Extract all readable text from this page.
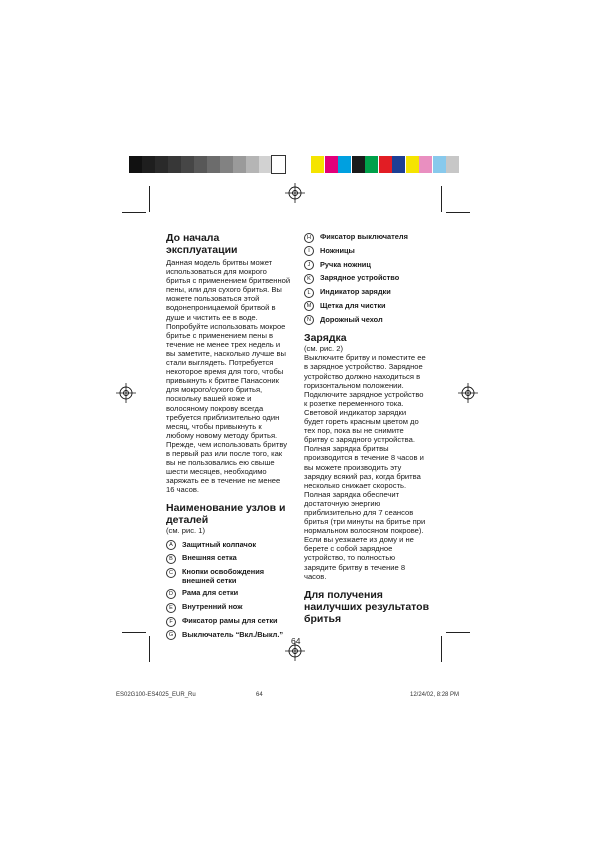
До начала эксплуатации
Данная модель бритвы может
использоваться для мокрого
бритья с применением бритвенной
пены, или для сухого бритья. Вы
можете пользоваться этой
водонепроницаемой бритвой в
душе и чистить ее в воде.
Попробуйте использовать мокрое
бритье с применением пены в
течение не менее трех недель и
вы заметите, насколько лучше вы
стали выглядеть. Потребуется
некоторое время для того, чтобы
привыкнуть к бритве Панасоник
для мокрого/сухого бритья,
поскольку вашей коже и
волосяному покрову всегда
требуется приблизительно один
месяц, чтобы привыкнуть к
любому новому методу бритья.
Прежде, чем использовать бритву
в первый раз или после того, как
вы не пользовались ею свыше
шести месяцев, необходимо
заряжать ее в течение не менее
16 часов.
Наименование узлов и
деталей
(см. рис. 1)
A	Защитный колпачок
B	Внешняя сетка
C	Кнопки освобождения внешней сетки
D	Рама для сетки
E	Внутренний нож
F	Фиксатор рамы для сетки
G	Выключатель “Вкл./Выкл.”
H	Фиксатор выключателя
I	Ножницы
J	Ручка ножниц
K	Зарядное устройство
L	Индикатор зарядки
M	Щетка для чистки
N	Дорожный чехол
Зарядка
(см. рис. 2)
Выключите бритву и поместите ее
в зарядное устройство. Зарядное
устройство должно находиться в
горизонтальном положении.
Подключите зарядное устройство
к розетке переменного тока.
Световой индикатор зарядки
будет гореть красным цветом до
тех пор, пока вы не снимите
бритву с зарядного устройства.
Полная зарядка бритвы
производится в течение 8 часов и
вы можете производить эту
зарядку всякий раз, когда бритва
несколько снижает скорость.
Полная зарядка обеспечит
достаточную энергию
приблизительно для 7 сеансов
бритья (три минуты на бритье при
нормальном волосяном покрове).
Если вы уезжаете из дому и не
берете с собой зарядное
устройство, то полностью
зарядите бритву в течение 8
часов.
Для получения
наилучших результатов
бритья
64
ES02G100-ES4025_EUR_Ru	64	12/24/02, 8:28 PM
